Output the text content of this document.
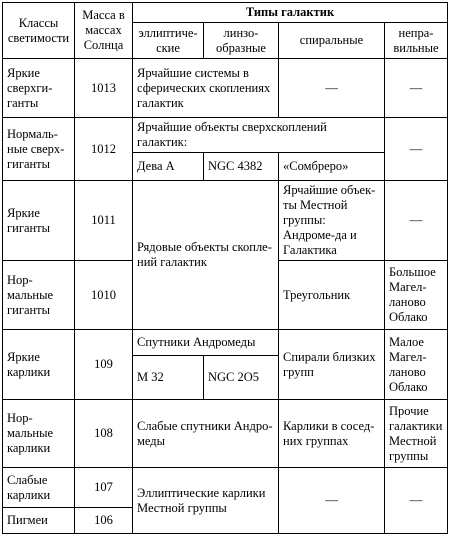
Классы светимости	Масса в массах Солнца	Типы галактик			
		эллиптиче-ские	линзо-образные	спиральные	непра-вильные
Яркие сверхги-ганты	1013	Ярчайшие системы в сферических скоплениях галактик		—	—
Нормаль-ные сверх-гиганты	1012	Ярчайшие объекты сверхскоплений галактик:			—
		Дева А	NGC 4382	«Сомбреро»	
Яркие гиганты	1011	Рядовые объекты скопле-ний галактик		Ярчайшие объек-ты Местной группы: Андроме-да и Галактика	—
Нор-мальные гиганты	1010			Треугольник	Большое Магел-ланово Облако
Яркие карлики	109	Спутники Андромеды		Спирали близких групп	Малое Магел-ланово Облако
		М 32	NGC 2O5		
Нор-мальные карлики	108	Слабые спутники Андро-меды		Карлики в сосед-них группах	Прочие галактики Местной группы
Слабые карлики	107	Эллиптические карлики Местной группы		—	—
Пигмеи	106				
